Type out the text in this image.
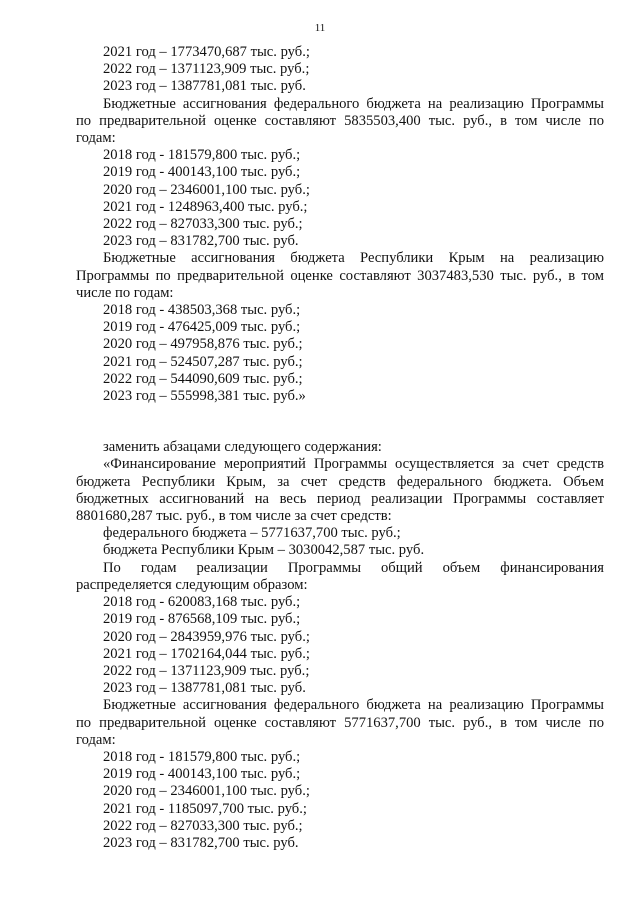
11
2021 год – 1773470,687 тыс. руб.;
2022 год – 1371123,909 тыс. руб.;
2023 год – 1387781,081 тыс. руб.
Бюджетные ассигнования федерального бюджета на реализацию Программы
по предварительной оценке составляют 5835503,400 тыс. руб., в том числе по
годам:
2018 год - 181579,800 тыс. руб.;
2019 год - 400143,100 тыс. руб.;
2020 год – 2346001,100 тыс. руб.;
2021 год - 1248963,400 тыс. руб.;
2022 год – 827033,300 тыс. руб.;
2023 год – 831782,700 тыс. руб.
Бюджетные ассигнования бюджета Республики Крым на реализацию
Программы по предварительной оценке составляют 3037483,530 тыс. руб., в том
числе по годам:
2018 год - 438503,368 тыс. руб.;
2019 год - 476425,009 тыс. руб.;
2020 год – 497958,876 тыс. руб.;
2021 год – 524507,287 тыс. руб.;
2022 год – 544090,609 тыс. руб.;
2023 год – 555998,381 тыс. руб.»
заменить абзацами следующего содержания:
«Финансирование мероприятий Программы осуществляется за счет средств
бюджета Республики Крым, за счет средств федерального бюджета. Объем
бюджетных ассигнований на весь период реализации Программы составляет
8801680,287 тыс. руб., в том числе за счет средств:
федерального бюджета – 5771637,700 тыс. руб.;
бюджета Республики Крым – 3030042,587 тыс. руб.
По годам реализации Программы общий объем финансирования
распределяется следующим образом:
2018 год - 620083,168 тыс. руб.;
2019 год - 876568,109 тыс. руб.;
2020 год – 2843959,976 тыс. руб.;
2021 год – 1702164,044 тыс. руб.;
2022 год – 1371123,909 тыс. руб.;
2023 год – 1387781,081 тыс. руб.
Бюджетные ассигнования федерального бюджета на реализацию Программы
по предварительной оценке составляют 5771637,700 тыс. руб., в том числе по
годам:
2018 год - 181579,800 тыс. руб.;
2019 год - 400143,100 тыс. руб.;
2020 год – 2346001,100 тыс. руб.;
2021 год - 1185097,700 тыс. руб.;
2022 год – 827033,300 тыс. руб.;
2023 год – 831782,700 тыс. руб.
